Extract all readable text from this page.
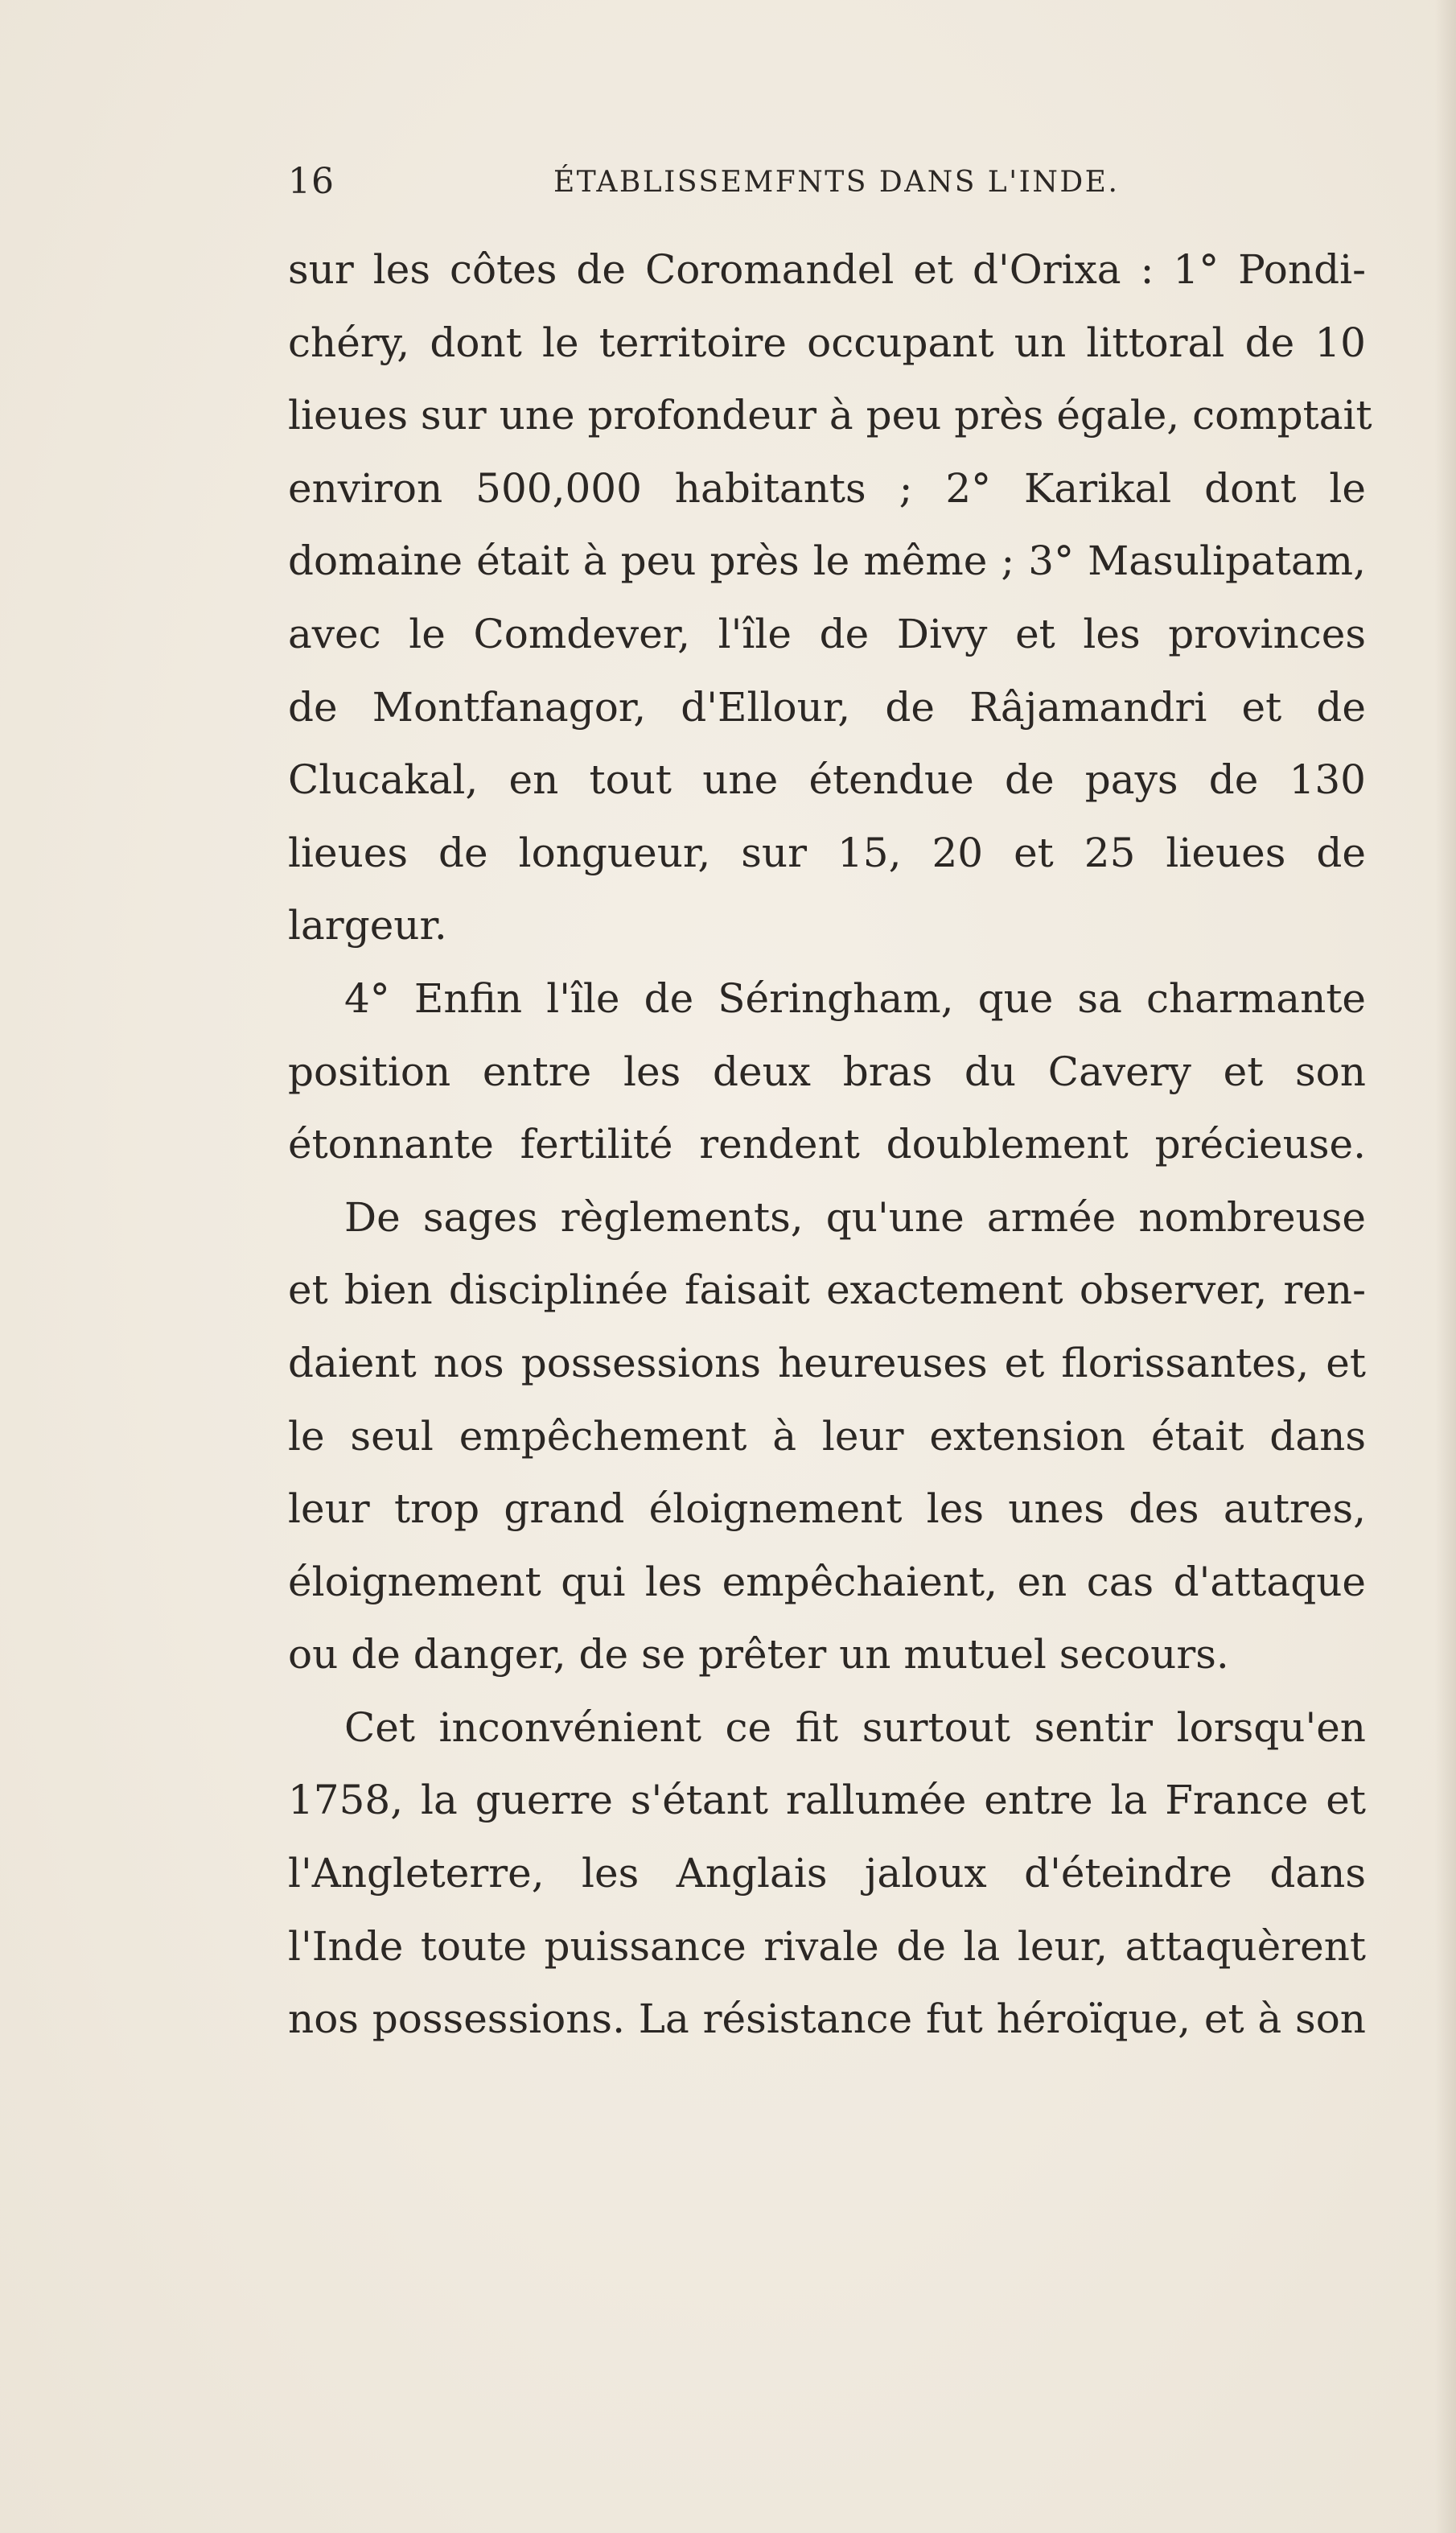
16	ÉTABLISSEMFNTS DANS L'INDE.
sur les côtes de Coromandel et d'Orixa : 1° Pondi-
chéry, dont le territoire occupant un littoral de 10
lieues sur une profondeur à peu près égale, comptait
environ 500,000 habitants ; 2° Karikal dont le
domaine était à peu près le même ; 3° Masulipatam,
avec le Comdever, l'île de Divy et les provinces
de Montfanagor, d'Ellour, de Râjamandri et de
Clucakal, en tout une étendue de pays de 130
lieues de longueur, sur 15, 20 et 25 lieues de
largeur.
4° Enfin l'île de Séringham, que sa charmante
position entre les deux bras du Cavery et son
étonnante fertilité rendent doublement précieuse.
De sages règlements, qu'une armée nombreuse
et bien disciplinée faisait exactement observer, ren-
daient nos possessions heureuses et florissantes, et
le seul empêchement à leur extension était dans
leur trop grand éloignement les unes des autres,
éloignement qui les empêchaient, en cas d'attaque
ou de danger, de se prêter un mutuel secours.
Cet inconvénient ce fit surtout sentir lorsqu'en
1758, la guerre s'étant rallumée entre la France et
l'Angleterre, les Anglais jaloux d'éteindre dans
l'Inde toute puissance rivale de la leur, attaquèrent
nos possessions. La résistance fut héroïque, et à son
